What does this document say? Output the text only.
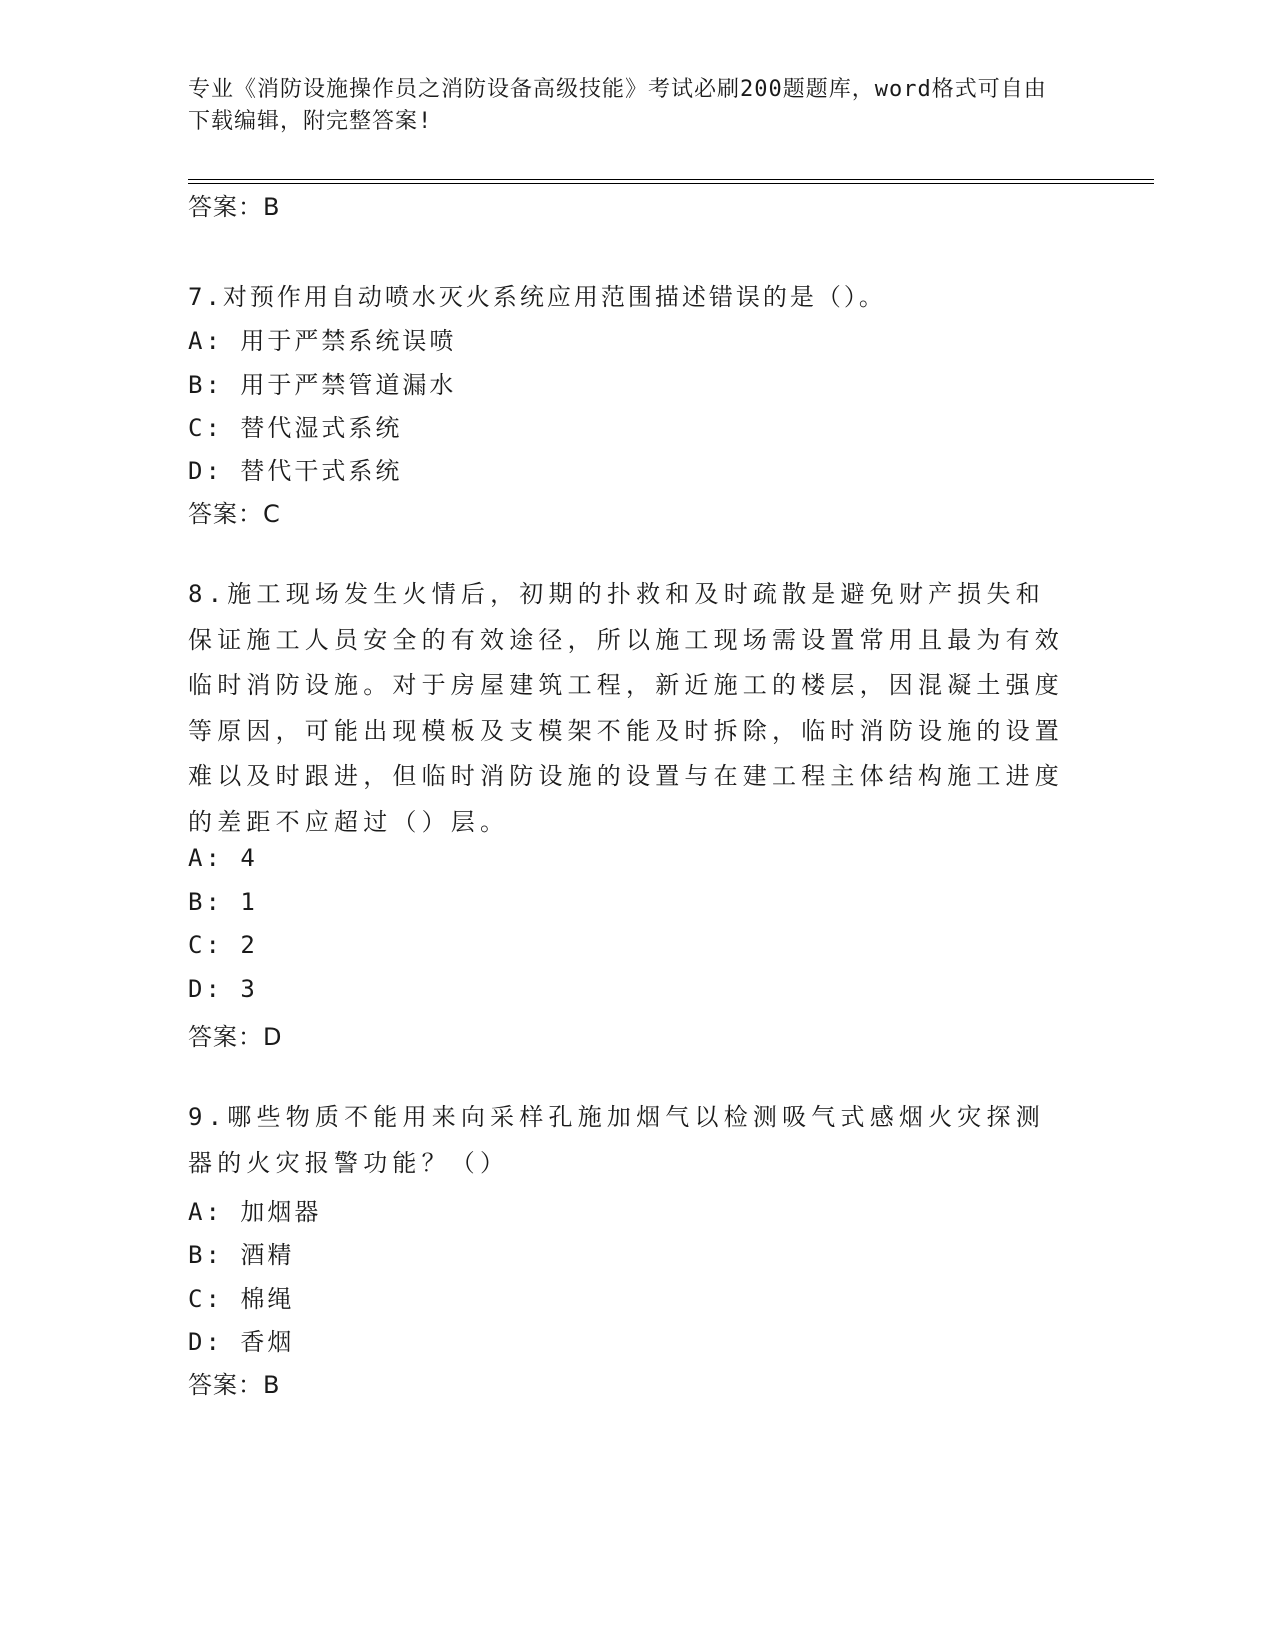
专业《消防设施操作员之消防设备高级技能》考试必刷200题题库，word格式可自由下载编辑，附完整答案!
答案：B
7.对预作用自动喷水灭火系统应用范围描述错误的是（）。
A: 用于严禁系统误喷
B: 用于严禁管道漏水
C: 替代湿式系统
D: 替代干式系统
答案：C
8.施工现场发生火情后，初期的扑救和及时疏散是避免财产损失和保证施工人员安全的有效途径，所以施工现场需设置常用且最为有效临时消防设施。对于房屋建筑工程，新近施工的楼层，因混凝土强度等原因，可能出现模板及支模架不能及时拆除，临时消防设施的设置难以及时跟进，但临时消防设施的设置与在建工程主体结构施工进度的差距不应超过（）层。
A: 4
B: 1
C: 2
D: 3
答案：D
9.哪些物质不能用来向采样孔施加烟气以检测吸气式感烟火灾探测器的火灾报警功能？（）
A: 加烟器
B: 酒精
C: 棉绳
D: 香烟
答案：B
